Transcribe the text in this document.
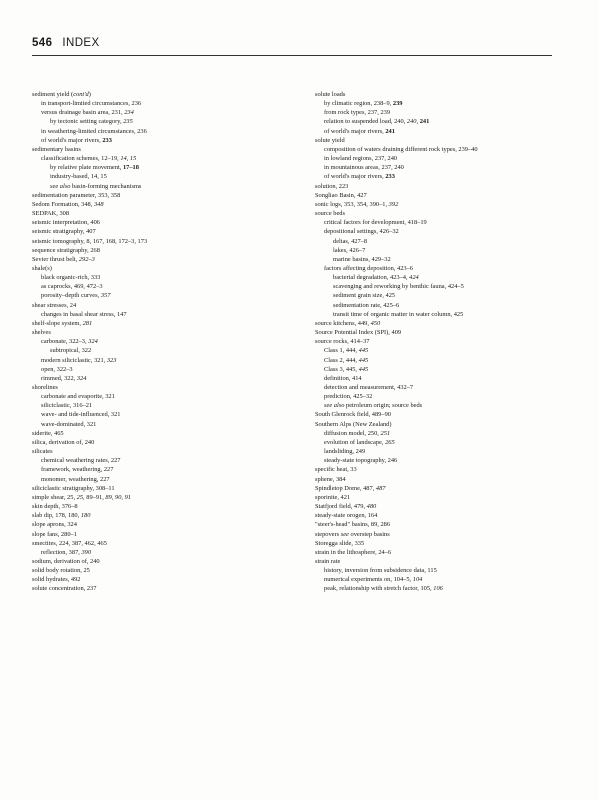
546 INDEX
sediment yield (cont'd)
in transport-limited circumstances, 236
versus drainage basin area, 231, 234
by tectonic setting category, 235
in weathering-limited circumstances, 236
of world's major rivers, 233
sedimentary basins
classification schemes, 12–19, 14, 15
by relative plate movement, 17–18
industry-based, 14, 15
see also basin-forming mechanisms
sedimentation parameter, 353, 358
Sedom Formation, 348, 348
SEDPAK, 308
seismic interpretation, 406
seismic stratigraphy, 407
seismic tomography, 8, 167, 168, 172–3, 173
sequence stratigraphy, 268
Sevier thrust belt, 292–3
shale(s)
black organic-rich, 333
as caprocks, 469, 472–3
porosity–depth curves, 357
shear stresses, 24
changes in basal shear stress, 147
shelf-slope system, 281
shelves
carbonate, 322–3, 324
subtropical, 322
modern siliciclastic, 321, 323
open, 322–3
rimmed, 322, 324
shorelines
carbonate and evaporite, 321
siliciclastic, 316–21
wave- and tide-influenced, 321
wave-dominated, 321
siderite, 465
silica, derivation of, 240
silicates
chemical weathering rates, 227
framework, weathering, 227
monomer, weathering, 227
siliciclastic stratigraphy, 308–11
simple shear, 25, 25, 89–91, 89, 90, 91
skin depth, 376–8
slab dip, 178, 180, 180
slope aprons, 324
slope fans, 280–1
smectites, 224, 387, 462, 465
reflection, 387, 390
sodium, derivation of, 240
solid body rotation, 25
solid hydrates, 492
solute concentration, 237
solute loads
by climatic region, 238–9, 239
from rock types, 237, 239
relation to suspended load, 240, 240, 241
of world's major rivers, 241
solute yield
composition of waters draining different rock types, 239–40
in lowland regions, 237, 240
in mountainous areas, 237, 240
of world's major rivers, 233
solution, 223
Songliao Basin, 427
sonic logs, 353, 354, 390–1, 392
source beds
critical factors for development, 418–19
depositional settings, 426–32
deltas, 427–8
lakes, 426–7
marine basins, 429–32
factors affecting deposition, 423–6
bacterial degradation, 423–4, 424
scavenging and reworking by benthic fauna, 424–5
sediment grain size, 425
sedimentation rate, 425–6
transit time of organic matter in water column, 425
source kitchens, 449, 450
Source Potential Index (SPI), 409
source rocks, 414–37
Class 1, 444, 445
Class 2, 444, 445
Class 3, 445, 445
definition, 414
detection and measurement, 432–7
prediction, 425–32
see also petroleum origin; source beds
South Glenrock field, 489–90
Southern Alps (New Zealand)
diffusion model, 250, 251
evolution of landscape, 265
landsliding, 249
steady-state topography, 246
specific heat, 33
sphene, 384
Spindletop Dome, 487, 487
sporinite, 421
Statfjord field, 479, 480
steady-state orogen, 164
"steer's-head" basins, 89, 286
stepovers see overstep basins
Storegga slide, 335
strain in the lithosphere, 24–6
strain rate
history, inversion from subsidence data, 115
numerical experiments on, 104–5, 104
peak, relationship with stretch factor, 105, 106
